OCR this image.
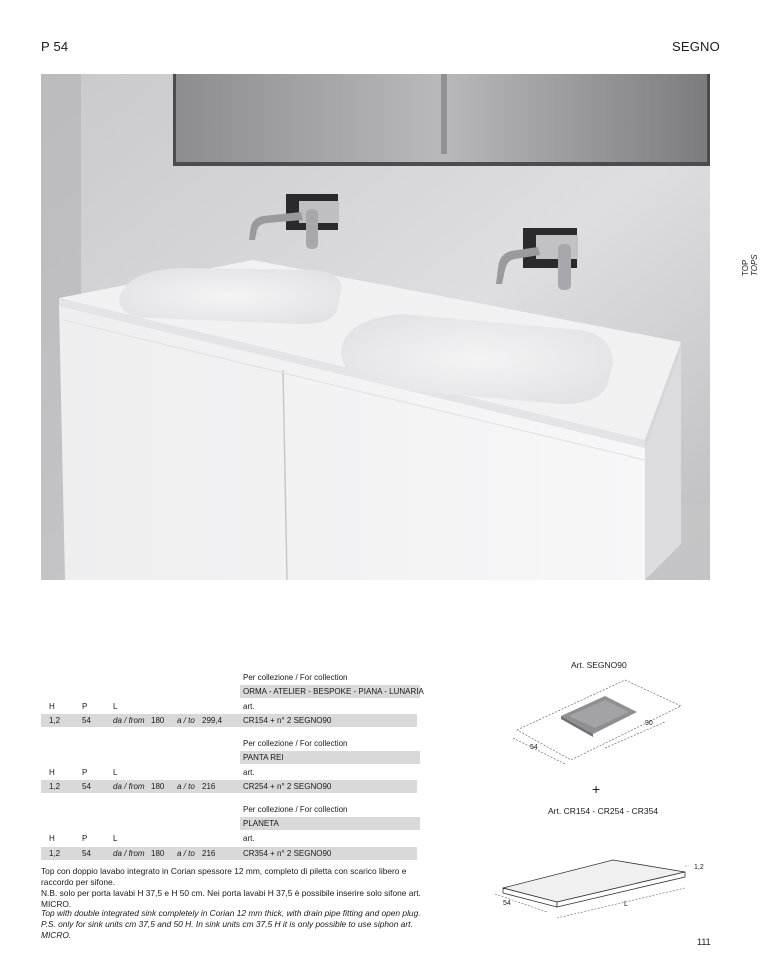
P 54	SEGNO
TOP TOPS
Per collezione / For collection
ORMA - ATELIER - BESPOKE - PIANA - LUNARIA
H	P	L	art.
1,2	54	da / from 180 a / to 299,4	CR154 + n° 2 SEGNO90
Per collezione / For collection
PANTA REI
H	P	L	art.
1,2	54	da / from 180 a / to 216	CR254 + n° 2 SEGNO90
Per collezione / For collection
PLANETA
H	P	L	art.
1,2	54	da / from 180 a / to 216	CR354 + n° 2 SEGNO90
Top con doppio lavabo integrato in Corian spessore 12 mm, completo di piletta con scarico libero e raccordo per sifone.
N.B. solo per porta lavabi H 37,5 e H 50 cm. Nei porta lavabi H 37,5 è possibile inserire solo sifone art. MICRO.
Top with double integrated sink completely in Corian 12 mm thick, with drain pipe fitting and open plug.
P.S. only for sink units cm 37,5 and 50 H. In sink units cm 37,5 H it is only possible to use siphon art. MICRO.
Art. SEGNO90
54
90
+
Art. CR154 - CR254 - CR354
1,2
54	L
111
